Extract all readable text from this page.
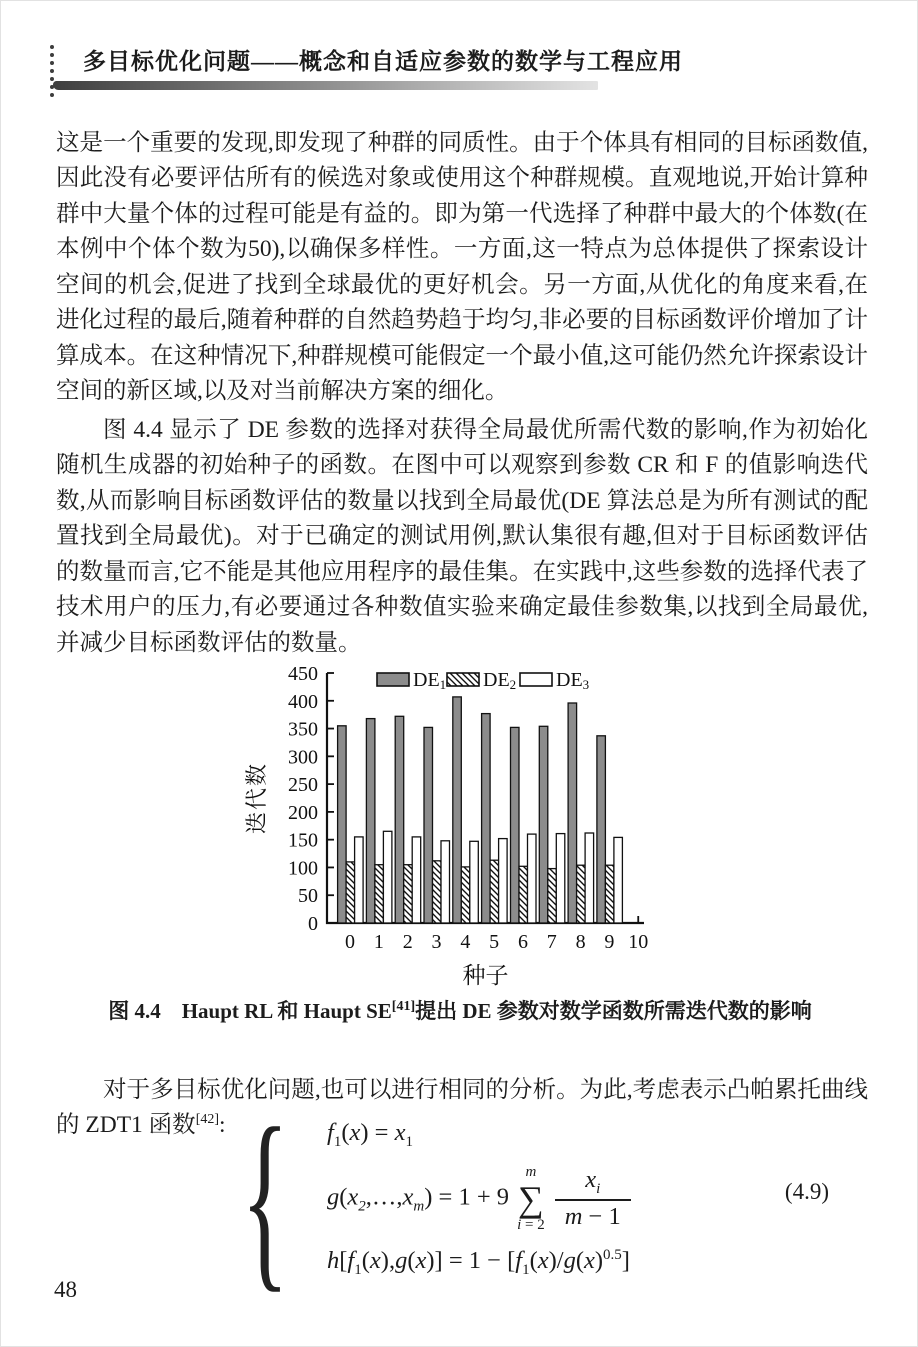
多目标优化问题——概念和自适应参数的数学与工程应用

这是一个重要的发现,即发现了种群的同质性。由于个体具有相同的目标函数值,因此没有必要评估所有的候选对象或使用这个种群规模。直观地说,开始计算种群中大量个体的过程可能是有益的。即为第一代选择了种群中最大的个体数(在本例中个体个数为50),以确保多样性。一方面,这一特点为总体提供了探索设计空间的机会,促进了找到全球最优的更好机会。另一方面,从优化的角度来看,在进化过程的最后,随着种群的自然趋势趋于均匀,非必要的目标函数评价增加了计算成本。在这种情况下,种群规模可能假定一个最小值,这可能仍然允许探索设计空间的新区域,以及对当前解决方案的细化。

图 4.4 显示了 DE 参数的选择对获得全局最优所需代数的影响,作为初始化随机生成器的初始种子的函数。在图中可以观察到参数 CR 和 F 的值影响迭代数,从而影响目标函数评估的数量以找到全局最优(DE 算法总是为所有测试的配置找到全局最优)。对于已确定的测试用例,默认集很有趣,但对于目标函数评估的数量而言,它不能是其他应用程序的最佳集。在实践中,这些参数的选择代表了技术用户的压力,有必要通过各种数值实验来确定最佳参数集,以找到全局最优,并减少目标函数评估的数量。

0
50
100
150
200
250
300
350
400
450
0 1 2 3 4 5 6 7 8 9 10
种子
迭代数
DE1 DE2 DE3
图 4.4　Haupt RL 和 Haupt SE[41]提出 DE 参数对数学函数所需迭代数的影响

对于多目标优化问题,也可以进行相同的分析。为此,考虑表示凸帕累托曲线的 ZDT1 函数[42]: { $f_1(x) = x_1$
$g(x_2,\dots,x_m) = 1 + 9$
m
∑
$i = 2 \frac{x_i}{m - 1}$
$h[f_1(x),g(x)] = 1 - [f_1(x)/g(x)^{0.5}]$
(4.9)
48
